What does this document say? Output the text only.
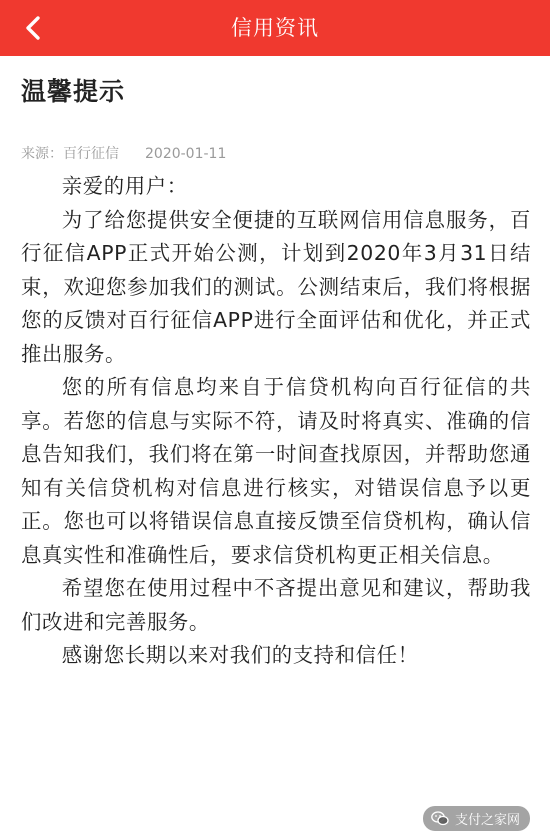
信用资讯
温馨提示
来源：百行征信 2020-01-11

亲爱的用户：

为了给您提供安全便捷的互联网信用信息服务，百行征信APP正式开始公测，计划到2020年3月31日结束，欢迎您参加我们的测试。公测结束后，我们将根据您的反馈对百行征信APP进行全面评估和优化，并正式推出服务。

您的所有信息均来自于信贷机构向百行征信的共享。若您的信息与实际不符，请及时将真实、准确的信息告知我们，我们将在第一时间查找原因，并帮助您通知有关信贷机构对信息进行核实，对错误信息予以更正。您也可以将错误信息直接反馈至信贷机构，确认信息真实性和准确性后，要求信贷机构更正相关信息。

希望您在使用过程中不吝提出意见和建议，帮助我们改进和完善服务。

感谢您长期以来对我们的支持和信任！

支付之家网
